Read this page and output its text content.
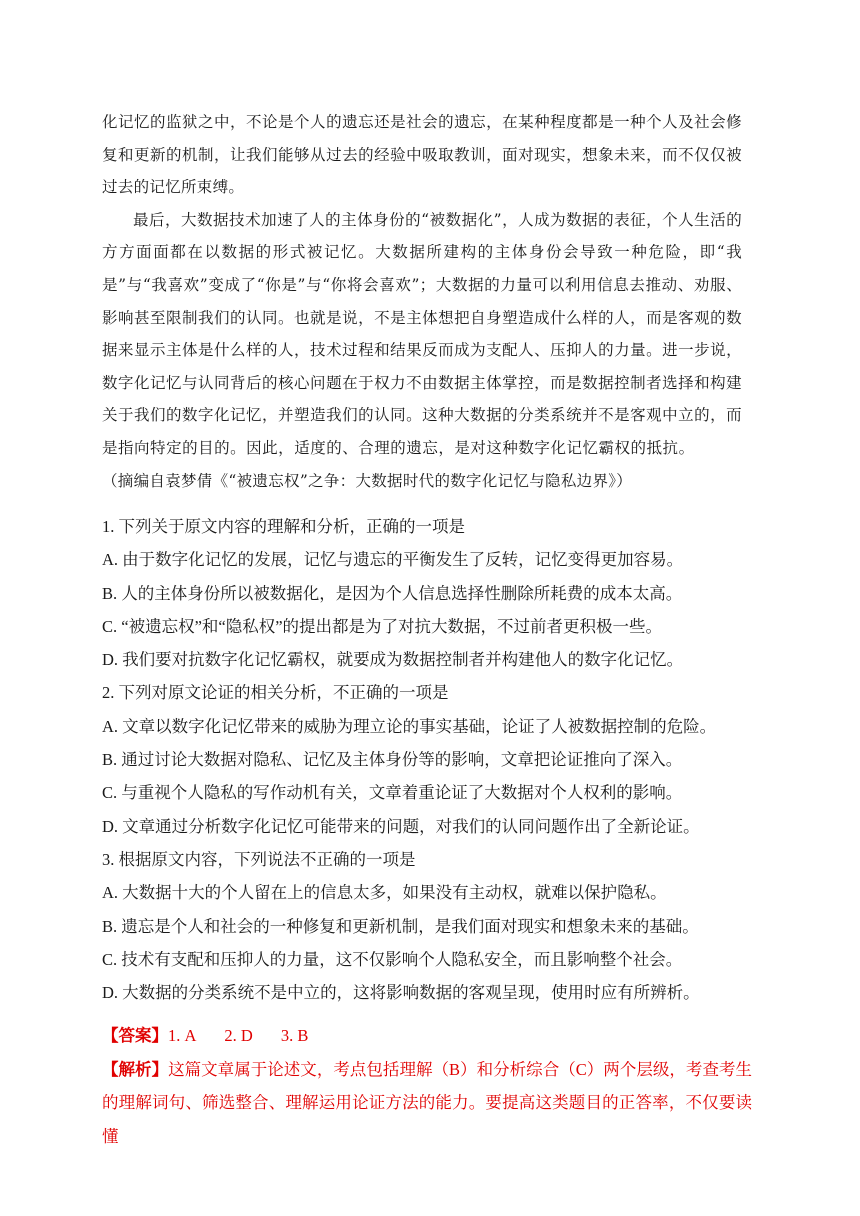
化记忆的监狱之中，不论是个人的遗忘还是社会的遗忘，在某种程度都是一种个人及社会修复和更新的机制，让我们能够从过去的经验中吸取教训，面对现实，想象未来，而不仅仅被过去的记忆所束缚。

最后，大数据技术加速了人的主体身份的“被数据化”，人成为数据的表征，个人生活的方方面面都在以数据的形式被记忆。大数据所建构的主体身份会导致一种危险，即“我是”与“我喜欢”变成了“你是”与“你将会喜欢”；大数据的力量可以利用信息去推动、劝服、影响甚至限制我们的认同。也就是说，不是主体想把自身塑造成什么样的人，而是客观的数据来显示主体是什么样的人，技术过程和结果反而成为支配人、压抑人的力量。进一步说，数字化记忆与认同背后的核心问题在于权力不由数据主体掌控，而是数据控制者选择和构建关于我们的数字化记忆，并塑造我们的认同。这种大数据的分类系统并不是客观中立的，而是指向特定的目的。因此，适度的、合理的遗忘，是对这种数字化记忆霸权的抵抗。   （摘编自袁梦倩《“被遗忘权”之争：大数据时代的数字化记忆与隐私边界》）

1. 下列关于原文内容的理解和分析，正确的一项是

A. 由于数字化记忆的发展，记忆与遗忘的平衡发生了反转，记忆变得更加容易。

B. 人的主体身份所以被数据化，是因为个人信息选择性删除所耗费的成本太高。

C. “被遗忘权”和“隐私权”的提出都是为了对抗大数据，不过前者更积极一些。

D. 我们要对抗数字化记忆霸权，就要成为数据控制者并构建他人的数字化记忆。

2. 下列对原文论证的相关分析，不正确的一项是

A. 文章以数字化记忆带来的威胁为理立论的事实基础，论证了人被数据控制的危险。

B. 通过讨论大数据对隐私、记忆及主体身份等的影响，文章把论证推向了深入。

C. 与重视个人隐私的写作动机有关，文章着重论证了大数据对个人权利的影响。

D. 文章通过分析数字化记忆可能带来的问题，对我们的认同问题作出了全新论证。

3. 根据原文内容，下列说法不正确的一项是

A. 大数据十大的个人留在上的信息太多，如果没有主动权，就难以保护隐私。

B. 遗忘是个人和社会的一种修复和更新机制，是我们面对现实和想象未来的基础。

C. 技术有支配和压抑人的力量，这不仅影响个人隐私安全，而且影响整个社会。

D. 大数据的分类系统不是中立的，这将影响数据的客观呈现，使用时应有所辨析。

【答案】1. A 2. D 3. B

【解析】这篇文章属于论述文，考点包括理解（B）和分析综合（C）两个层级，考查考生的理解词句、筛选整合、理解运用论证方法的能力。要提高这类题目的正答率，不仅要读懂
